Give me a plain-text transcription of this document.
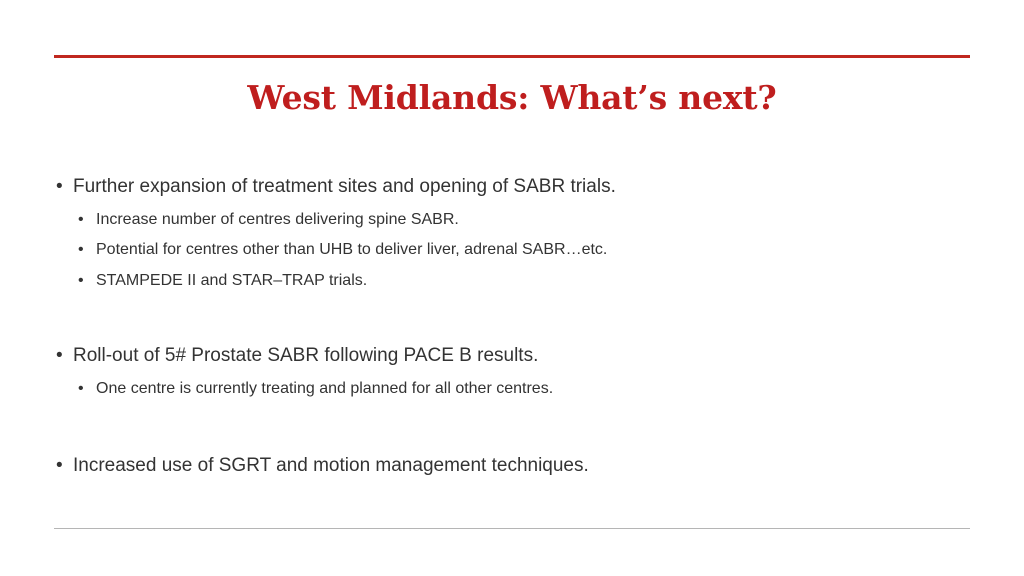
West Midlands: What’s next?
• Further expansion of treatment sites and opening of SABR trials.
• Increase number of centres delivering spine SABR.
• Potential for centres other than UHB to deliver liver, adrenal SABR…etc.
• STAMPEDE II and STAR–TRAP trials.
• Roll-out of 5# Prostate SABR following PACE B results.
• One centre is currently treating and planned for all other centres.
• Increased use of SGRT and motion management techniques.
